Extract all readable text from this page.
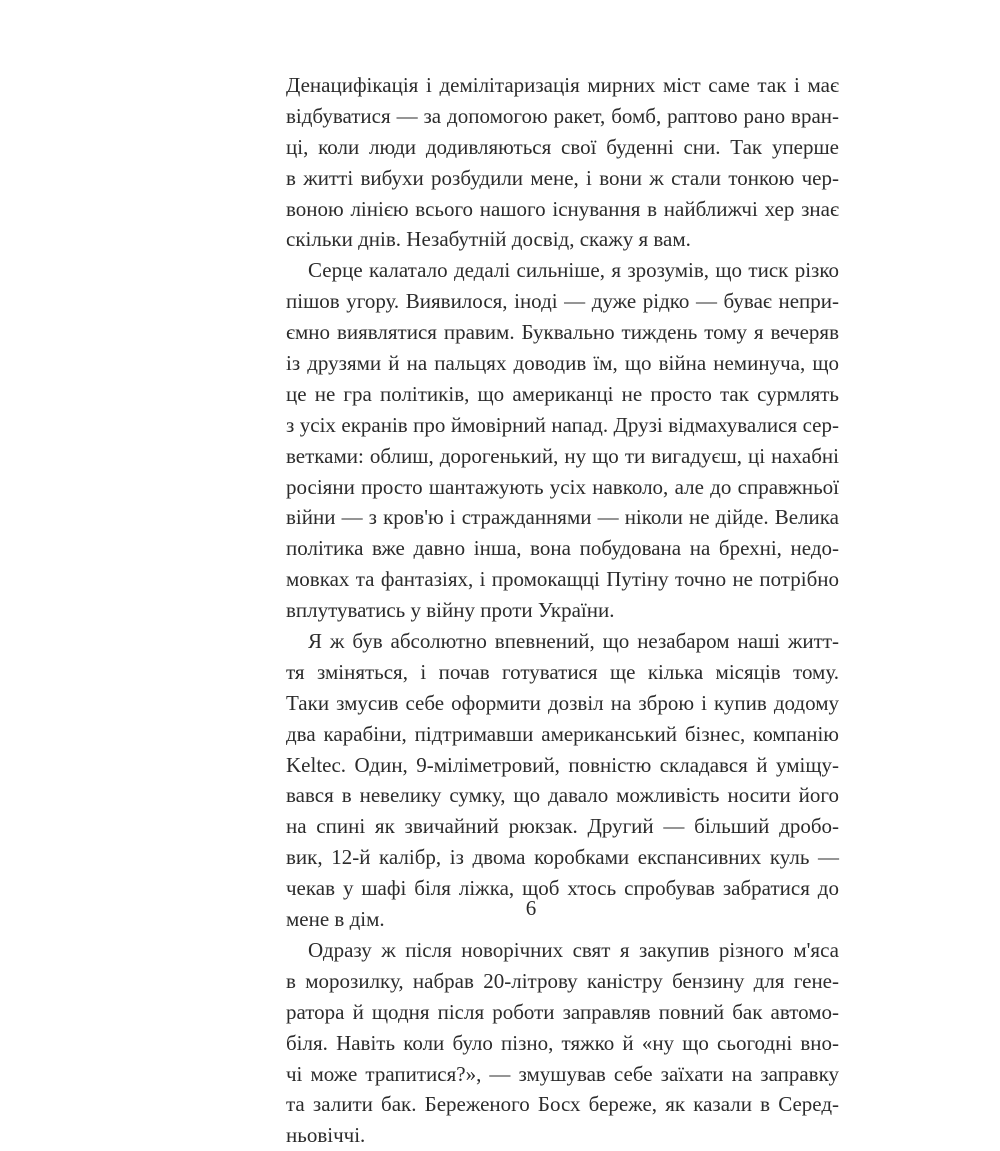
Денацифікація і демілітаризація мирних міст саме так і має
відбуватися — за допомогою ракет, бомб, раптово рано вран-
ці, коли люди додивляються свої буденні сни. Так уперше
в житті вибухи розбудили мене, і вони ж стали тонкою чер-
воною лінією всього нашого існування в найближчі хер знає
скільки днів. Незабутній досвід, скажу я вам.
Серце калатало дедалі сильніше, я зрозумів, що тиск різко
пішов угору. Виявилося, іноді — дуже рідко — буває непри-
ємно виявлятися правим. Буквально тиждень тому я вечеряв
із друзями й на пальцях доводив їм, що війна неминуча, що
це не гра політиків, що американці не просто так сурмлять
з усіх екранів про ймовірний напад. Друзі відмахувалися сер-
ветками: облиш, дорогенький, ну що ти вигадуєш, ці нахабні
росіяни просто шантажують усіх навколо, але до справжньої
війни — з кров'ю і стражданнями — ніколи не дійде. Велика
політика вже давно інша, вона побудована на брехні, недо-
мовках та фантазіях, і промокащці Путіну точно не потрібно
вплутуватись у війну проти України.
Я ж був абсолютно впевнений, що незабаром наші житт-
тя зміняться, і почав готуватися ще кілька місяців тому.
Таки змусив себе оформити дозвіл на зброю і купив додому
два карабіни, підтримавши американський бізнес, компанію
Keltec. Один, 9-міліметровий, повністю складався й уміщу-
вався в невелику сумку, що давало можливість носити його
на спині як звичайний рюкзак. Другий — більший дробо-
вик, 12-й калібр, із двома коробками експансивних куль —
чекав у шафі біля ліжка, щоб хтось спробував забратися до
мене в дім.
Одразу ж після новорічних свят я закупив різного м'яса
в морозилку, набрав 20-літрову каністру бензину для гене-
ратора й щодня після роботи заправляв повний бак автомо-
біля. Навіть коли було пізно, тяжко й «ну що сьогодні вно-
чі може трапитися?», — змушував себе заїхати на заправку
та залити бак. Береженого Босх береже, як казали в Серед-
ньовіччі.
6
